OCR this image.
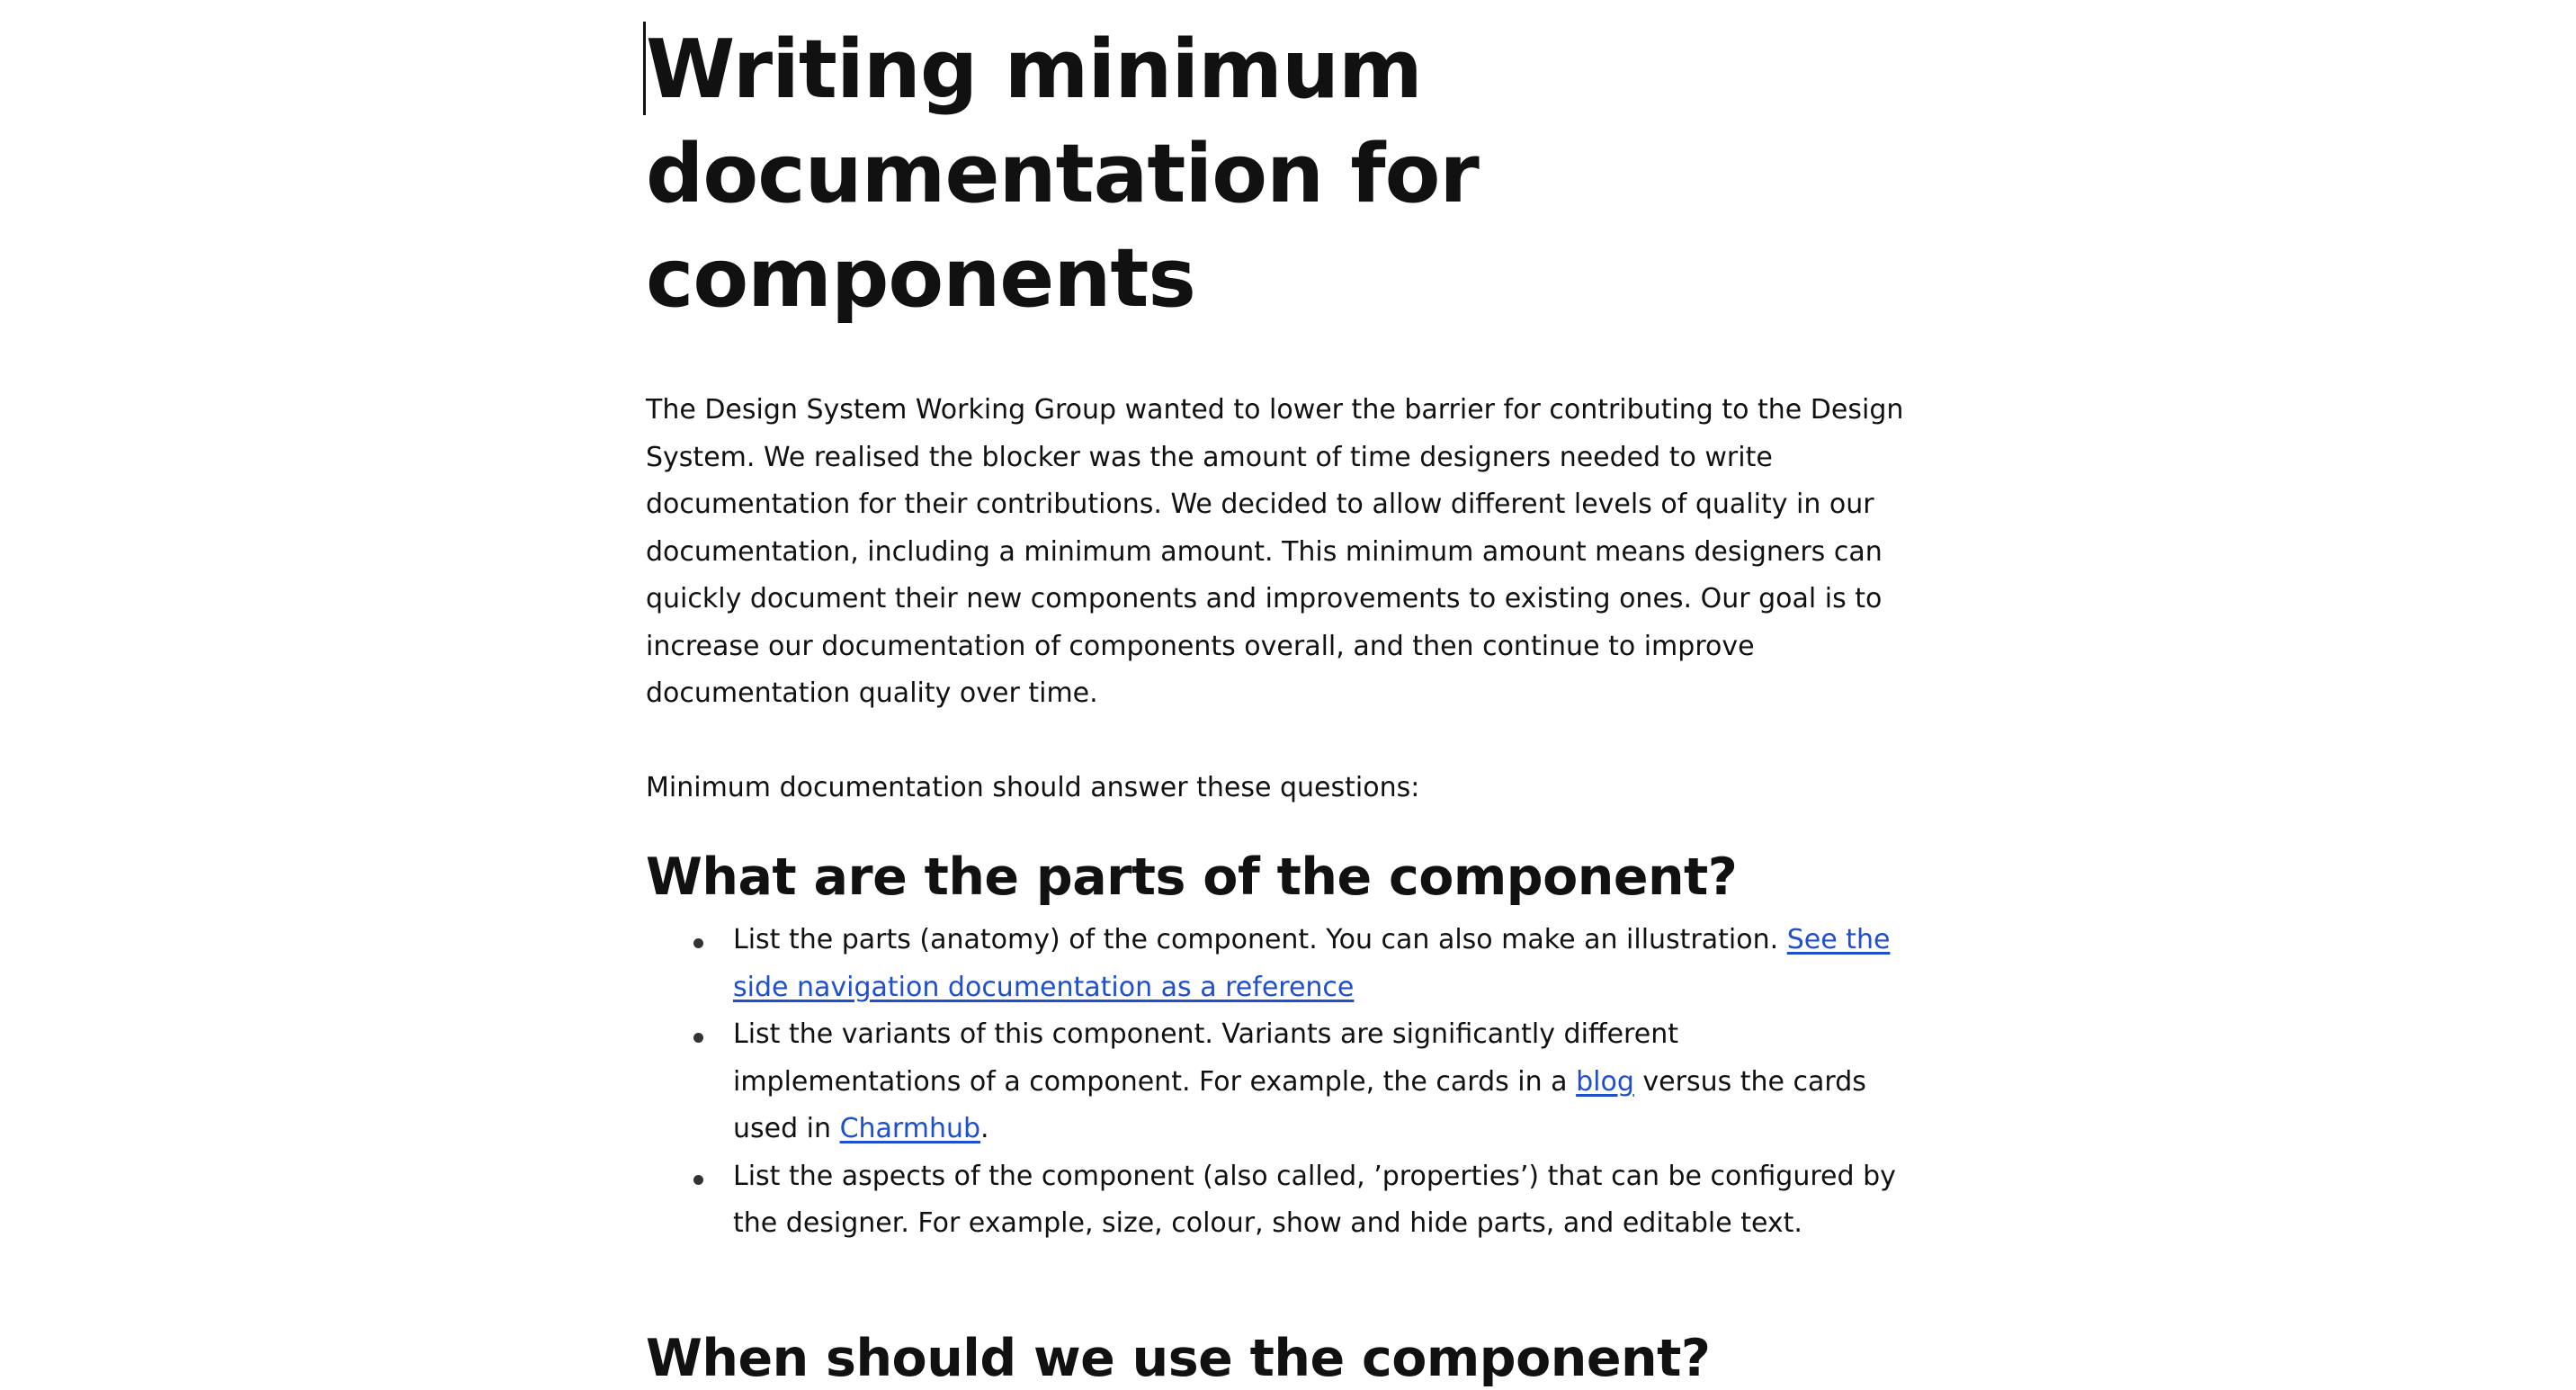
Writing minimum documentation for components

The Design System Working Group wanted to lower the barrier for contributing to the Design System. We realised the blocker was the amount of time designers needed to write documentation for their contributions. We decided to allow different levels of quality in our documentation, including a minimum amount. This minimum amount means designers can quickly document their new components and improvements to existing ones. Our goal is to increase our documentation of components overall, and then continue to improve documentation quality over time.

Minimum documentation should answer these questions:

What are the parts of the component?
List the parts (anatomy) of the component. You can also make an illustration. See the side navigation documentation as a reference
List the variants of this component. Variants are significantly different implementations of a component. For example, the cards in a blog versus the cards used in Charmhub.
List the aspects of the component (also called, ’properties’) that can be configured by the designer. For example, size, colour, show and hide parts, and editable text.
When should we use the component?
